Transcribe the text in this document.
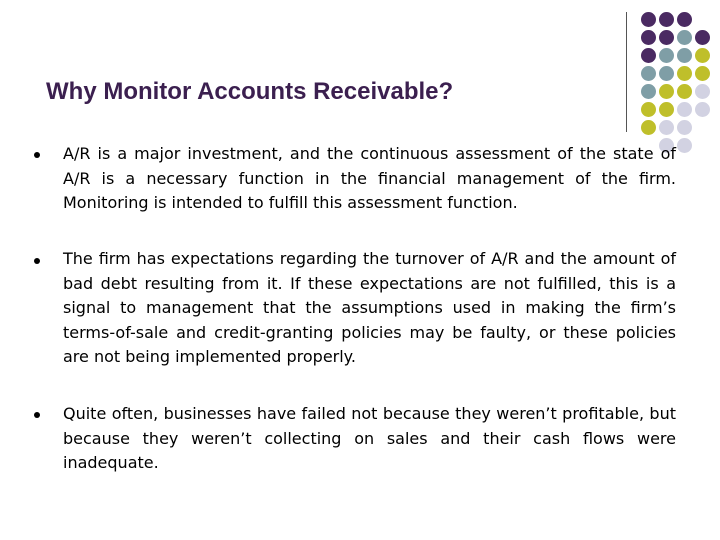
Why Monitor Accounts Receivable?
A/R is a major investment, and the continuous assessment of the state of A/R is a necessary function in the financial management of the firm. Monitoring is intended to fulfill this assessment function.
The firm has expectations regarding the turnover of A/R and the amount of bad debt resulting from it. If these expectations are not fulfilled, this is a signal to management that the assumptions used in making the firm’s terms-of-sale and credit-granting policies may be faulty, or these policies are not being implemented properly.
Quite often, businesses have failed not because they weren’t profitable, but because they weren’t collecting on sales and their cash flows were inadequate.
